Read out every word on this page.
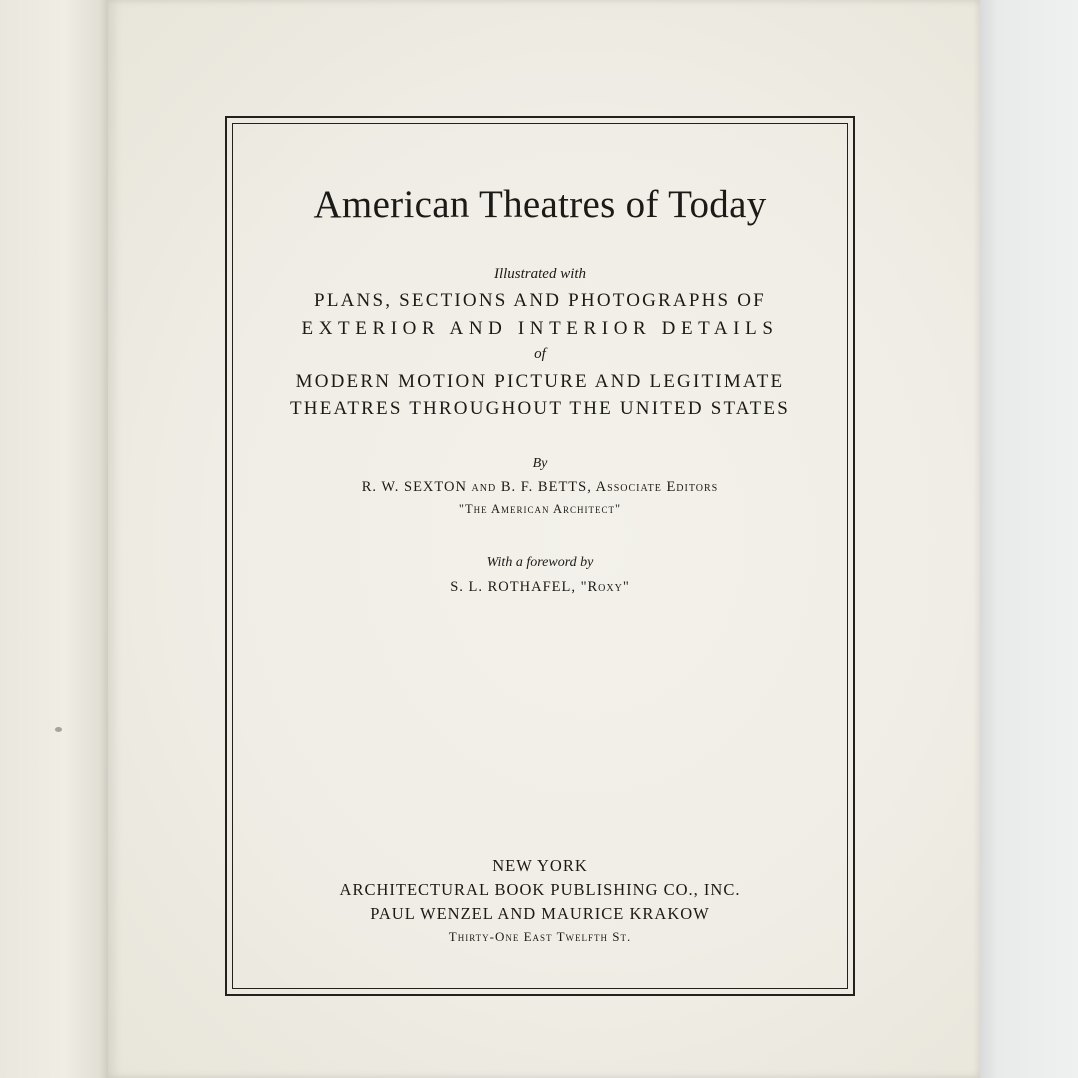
American Theatres of Today
Illustrated with
PLANS, SECTIONS AND PHOTOGRAPHS OF
EXTERIOR AND INTERIOR DETAILS
of
MODERN MOTION PICTURE AND LEGITIMATE
THEATRES THROUGHOUT THE UNITED STATES
By
R. W. SEXTON and B. F. BETTS, Associate Editors
"The American Architect"
With a foreword by
S. L. ROTHAFEL, "Roxy"
NEW YORK
ARCHITECTURAL BOOK PUBLISHING CO., INC.
PAUL WENZEL AND MAURICE KRAKOW
Thirty-One East Twelfth St.
